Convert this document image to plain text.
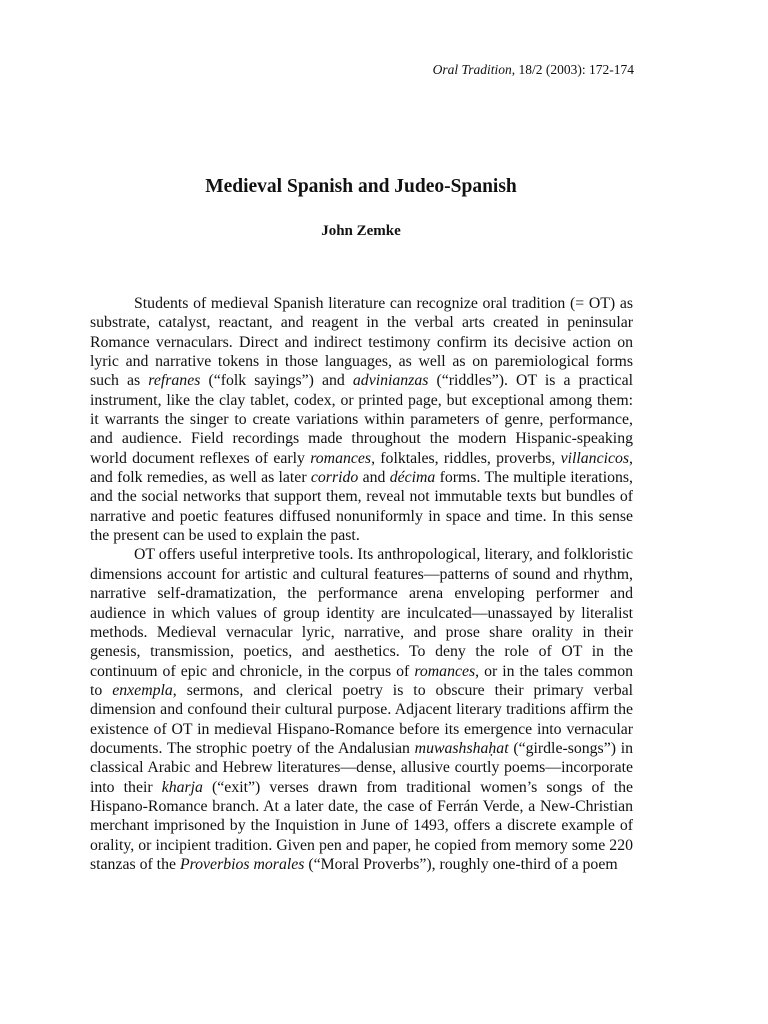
Oral Tradition, 18/2 (2003): 172-174
Medieval Spanish and Judeo-Spanish
John Zemke

Students of medieval Spanish literature can recognize oral tradition (= OT) as substrate, catalyst, reactant, and reagent in the verbal arts created in peninsular Romance vernaculars. Direct and indirect testimony confirm its decisive action on lyric and narrative tokens in those languages, as well as on paremiological forms such as refranes (“folk sayings”) and advinianzas (“riddles”). OT is a practical instrument, like the clay tablet, codex, or printed page, but exceptional among them: it warrants the singer to create variations within parameters of genre, performance, and audience. Field recordings made throughout the modern Hispanic-speaking world document reflexes of early romances, folktales, riddles, proverbs, villancicos, and folk remedies, as well as later corrido and décima forms. The multiple iterations, and the social networks that support them, reveal not immutable texts but bundles of narrative and poetic features diffused nonuniformly in space and time. In this sense the present can be used to explain the past.

OT offers useful interpretive tools. Its anthropological, literary, and folkloristic dimensions account for artistic and cultural features—patterns of sound and rhythm, narrative self-dramatization, the performance arena enveloping performer and audience in which values of group identity are inculcated—unassayed by literalist methods. Medieval vernacular lyric, narrative, and prose share orality in their genesis, transmission, poetics, and aesthetics. To deny the role of OT in the continuum of epic and chronicle, in the corpus of romances, or in the tales common to enxempla, sermons, and clerical poetry is to obscure their primary verbal dimension and confound their cultural purpose. Adjacent literary traditions affirm the existence of OT in medieval Hispano-Romance before its emergence into vernacular documents. The strophic poetry of the Andalusian muwashshaḥat (“girdle-songs”) in classical Arabic and Hebrew literatures—dense, allusive courtly poems—incorporate into their kharja (“exit”) verses drawn from traditional women’s songs of the Hispano-Romance branch. At a later date, the case of Ferrán Verde, a New-Christian merchant imprisoned by the Inquistion in June of 1493, offers a discrete example of orality, or incipient tradition. Given pen and paper, he copied from memory some 220 stanzas of the Proverbios morales (“Moral Proverbs”), roughly one-third of a poem
